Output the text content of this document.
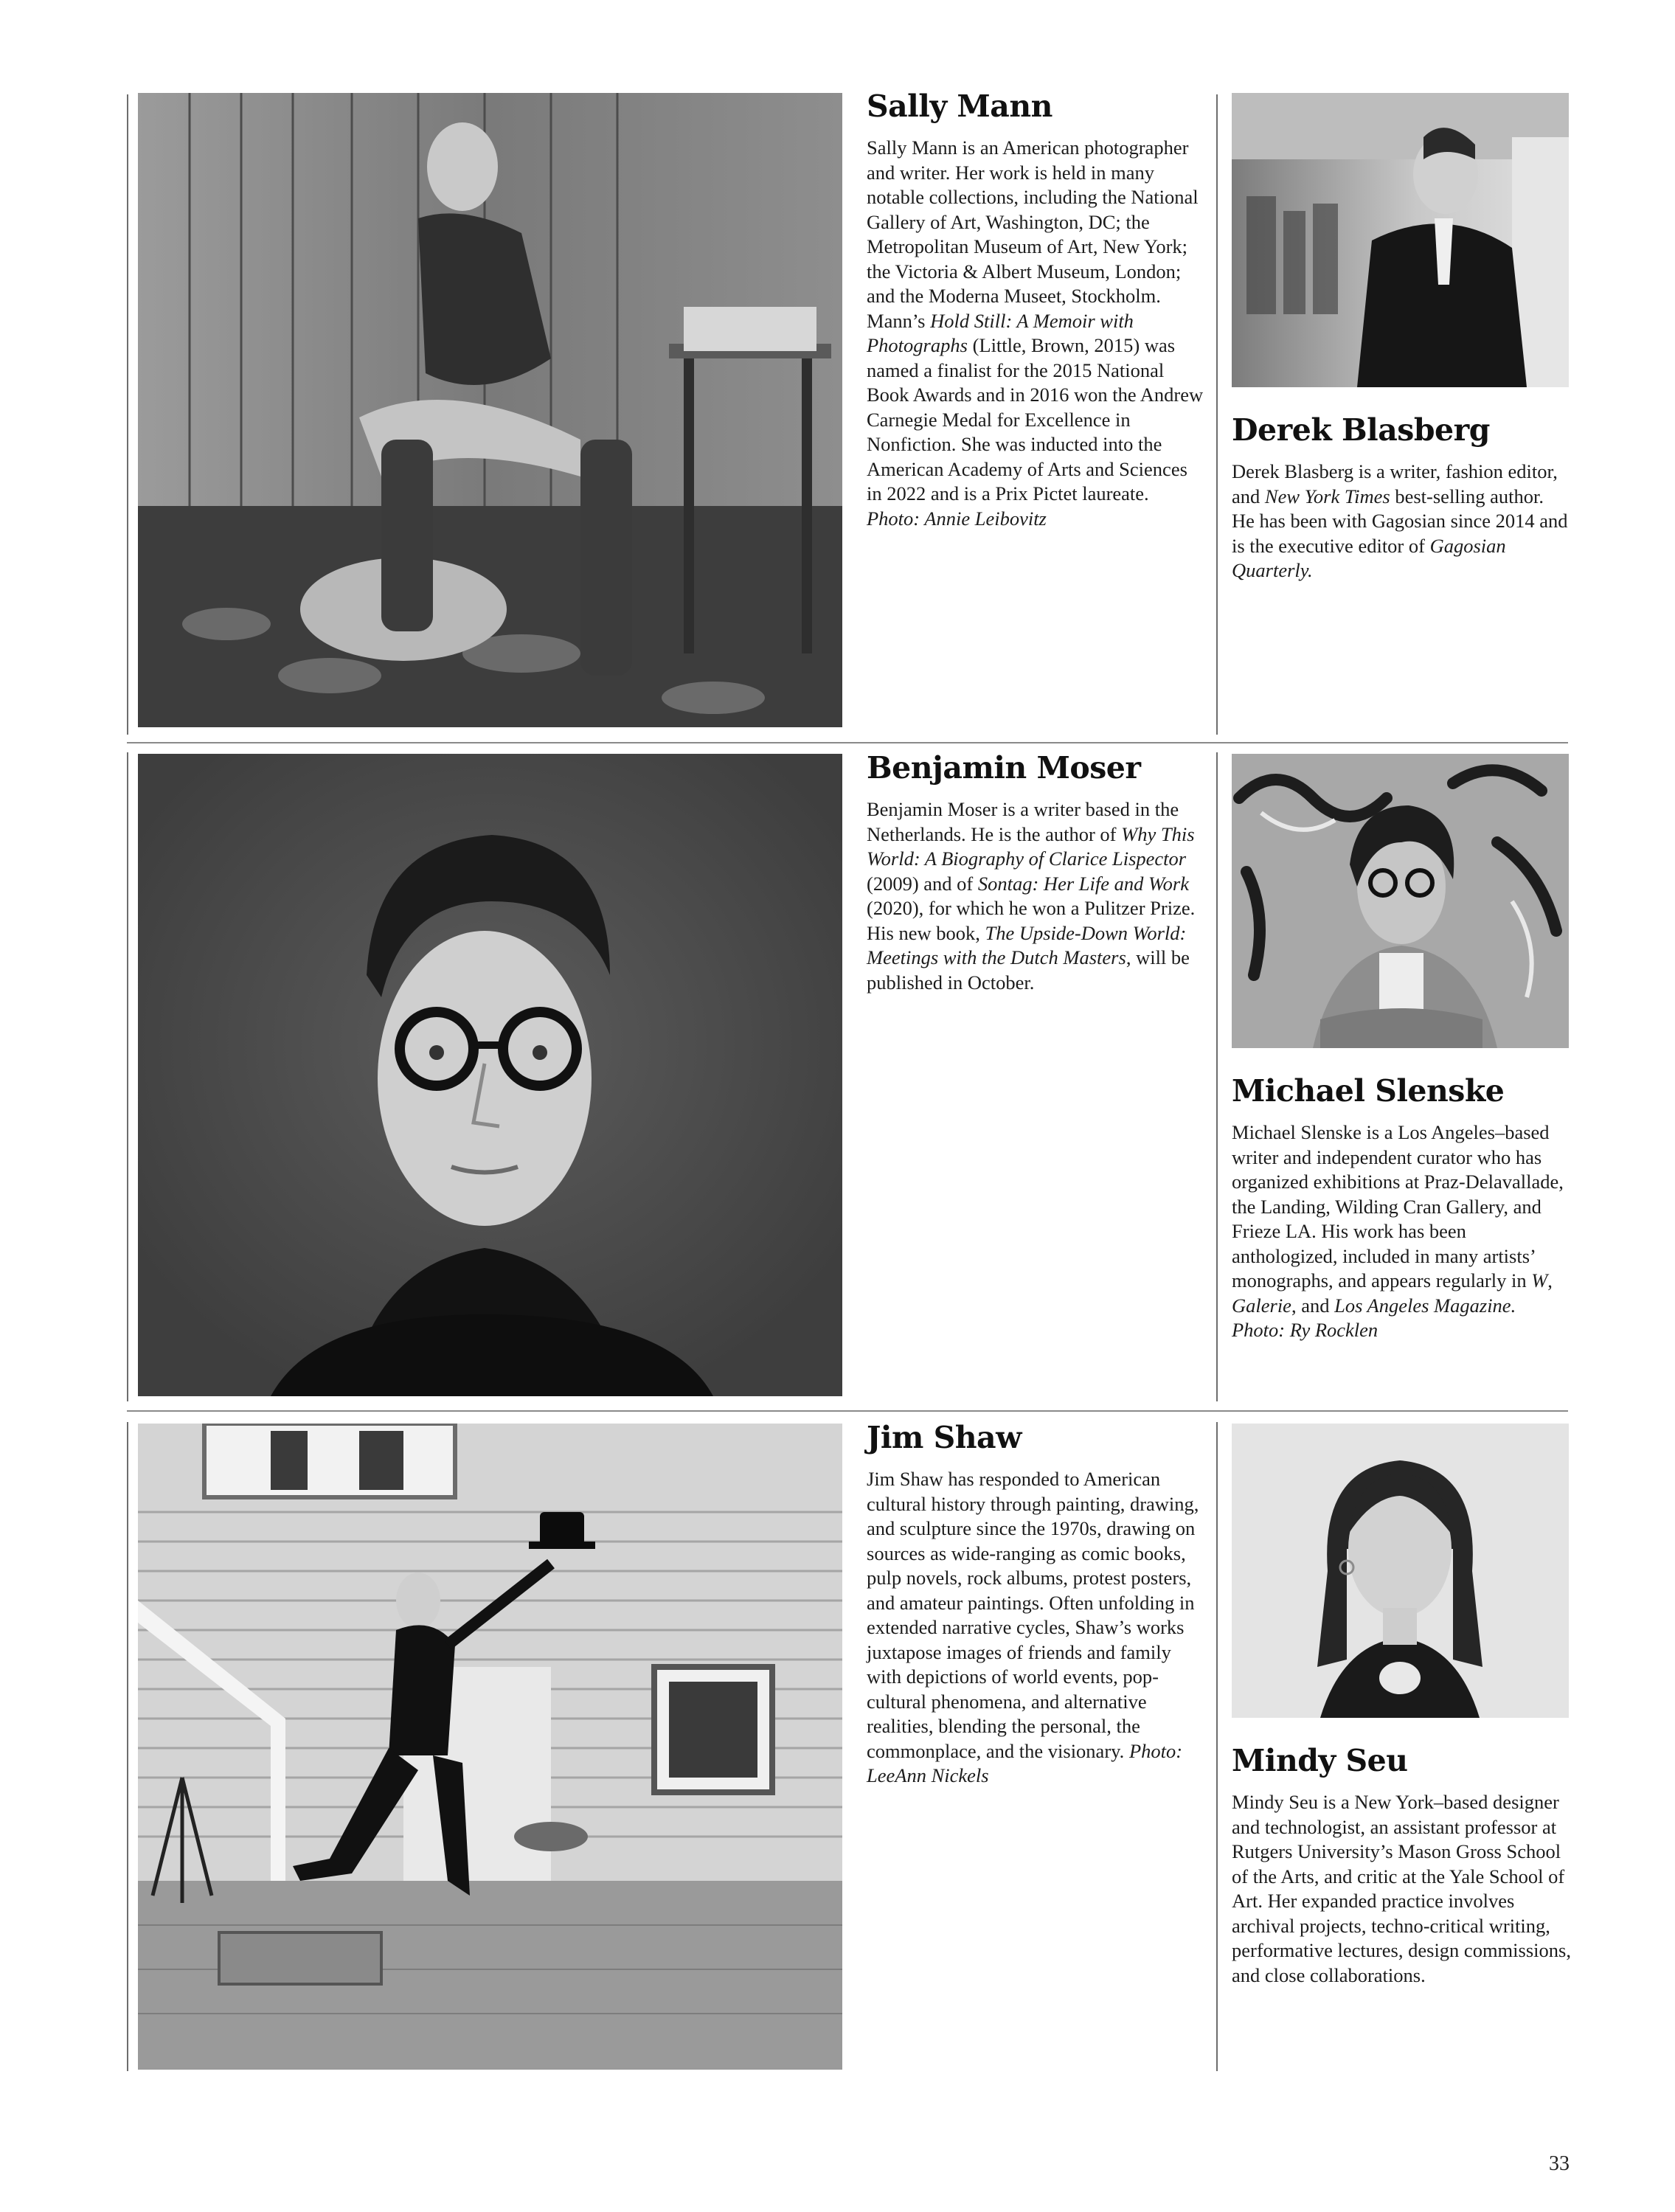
Sally Mann

Sally Mann is an American photographer and writer. Her work is held in many notable collections, including the National Gallery of Art, Washington, DC; the Metropolitan Museum of Art, New York; the Victoria & Albert Museum, London; and the Moderna Museet, Stockholm. Mann’s Hold Still: A Memoir with Photographs (Little, Brown, 2015) was named a finalist for the 2015 National Book Awards and in 2016 won the Andrew Carnegie Medal for Excellence in Nonfiction. She was inducted into the American Academy of Arts and Sciences in 2022 and is a Prix Pictet laureate. Photo: Annie Leibovitz

Derek Blasberg

Derek Blasberg is a writer, fashion editor, and New York Times best-selling author. He has been with Gagosian since 2014 and is the executive editor of Gagosian Quarterly.

Benjamin Moser

Benjamin Moser is a writer based in the Netherlands. He is the author of Why This World: A Biography of Clarice Lispector (2009) and of Sontag: Her Life and Work (2020), for which he won a Pulitzer Prize. His new book, The Upside-Down World: Meetings with the Dutch Masters, will be published in October.

Michael Slenske

Michael Slenske is a Los Angeles–based writer and independent curator who has organized exhibitions at Praz-Delavallade, the Landing, Wilding Cran Gallery, and Frieze LA. His work has been anthologized, included in many artists’ monographs, and appears regularly in W, Galerie, and Los Angeles Magazine. Photo: Ry Rocklen

Jim Shaw

Jim Shaw has responded to American cultural history through painting, drawing, and sculpture since the 1970s, drawing on sources as wide-ranging as comic books, pulp novels, rock albums, protest posters, and amateur paintings. Often unfolding in extended narrative cycles, Shaw’s works juxtapose images of friends and family with depictions of world events, pop-cultural phenomena, and alternative realities, blending the personal, the commonplace, and the visionary. Photo: LeeAnn Nickels	Mindy Seu

Mindy Seu is a New York–based designer and technologist, an assistant professor at Rutgers University’s Mason Gross School of the Arts, and critic at the Yale School of Art. Her expanded practice involves archival projects, techno-critical writing, performative lectures, design commissions, and close collaborations.

33
